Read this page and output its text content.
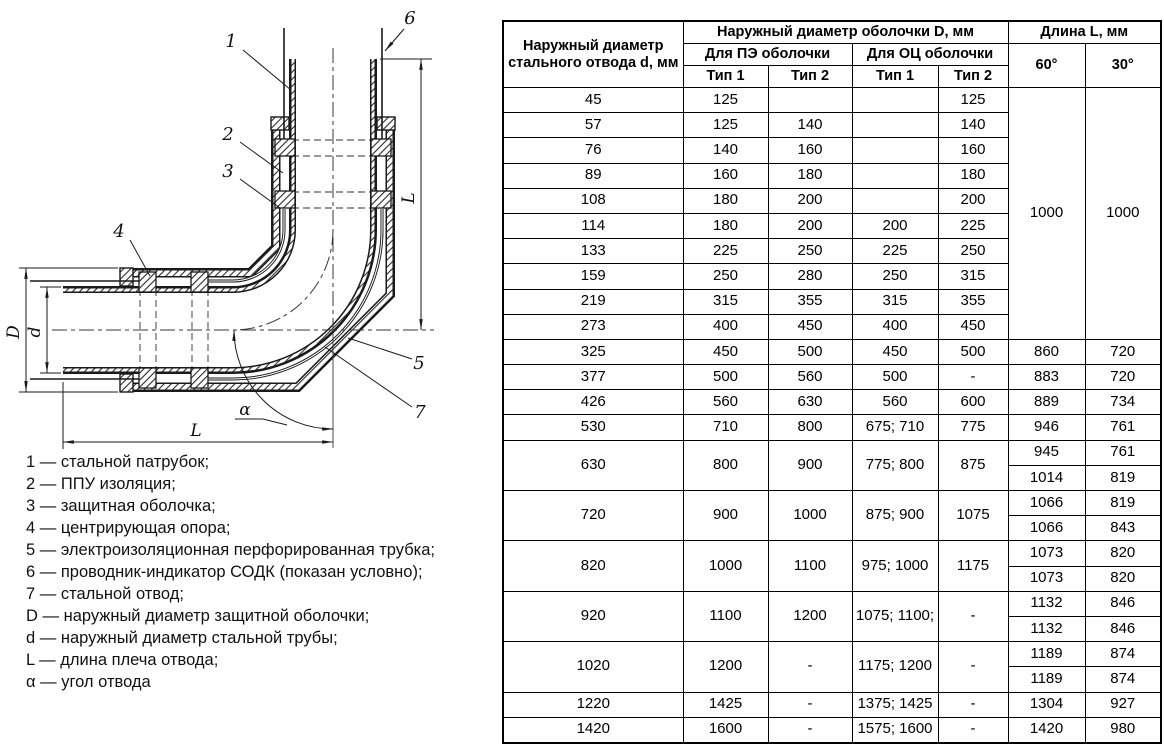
L
L
D d
α
1
2
3
4
5
6
7
1 — стальной патрубок;
2 — ППУ изоляция;
3 — защитная оболочка;
4 — центрирующая опора;
5 — электроизоляционная перфорированная трубка;
6 — проводник-индикатор СОДК (показан условно);
7 — стальной отвод;
D — наружный диаметр защитной оболочки;
d — наружный диаметр стальной трубы;
L — длина плеча отвода;
α — угол отвода
Наружный диаметр стального отвода d, мм	Наружный диаметр оболочки D, мм				Длина L, мм	
	Для ПЭ оболочки		Для ОЦ оболочки		60°	30°
	Тип 1	Тип 2	Тип 1	Тип 2		
45	125			125	1000	1000
57	125	140		140		
76	140	160		160		
89	160	180		180		
108	180	200		200		
114	180	200	200	225		
133	225	250	225	250		
159	250	280	250	315		
219	315	355	315	355		
273	400	450	400	450		
325	450	500	450	500	860	720
377	500	560	500	-	883	720
426	560	630	560	600	889	734
530	710	800	675; 710	775	946	761
630	800	900	775; 800	875	945	761
					1014	819
720	900	1000	875; 900	1075	1066	819
					1066	843
820	1000	1100	975; 1000	1175	1073	820
					1073	820
920	1100	1200	1075; 1100;	-	1132	846
					1132	846
1020	1200	-	1175; 1200	-	1189	874
					1189	874
1220	1425	-	1375; 1425	-	1304	927
1420	1600	-	1575; 1600	-	1420	980
